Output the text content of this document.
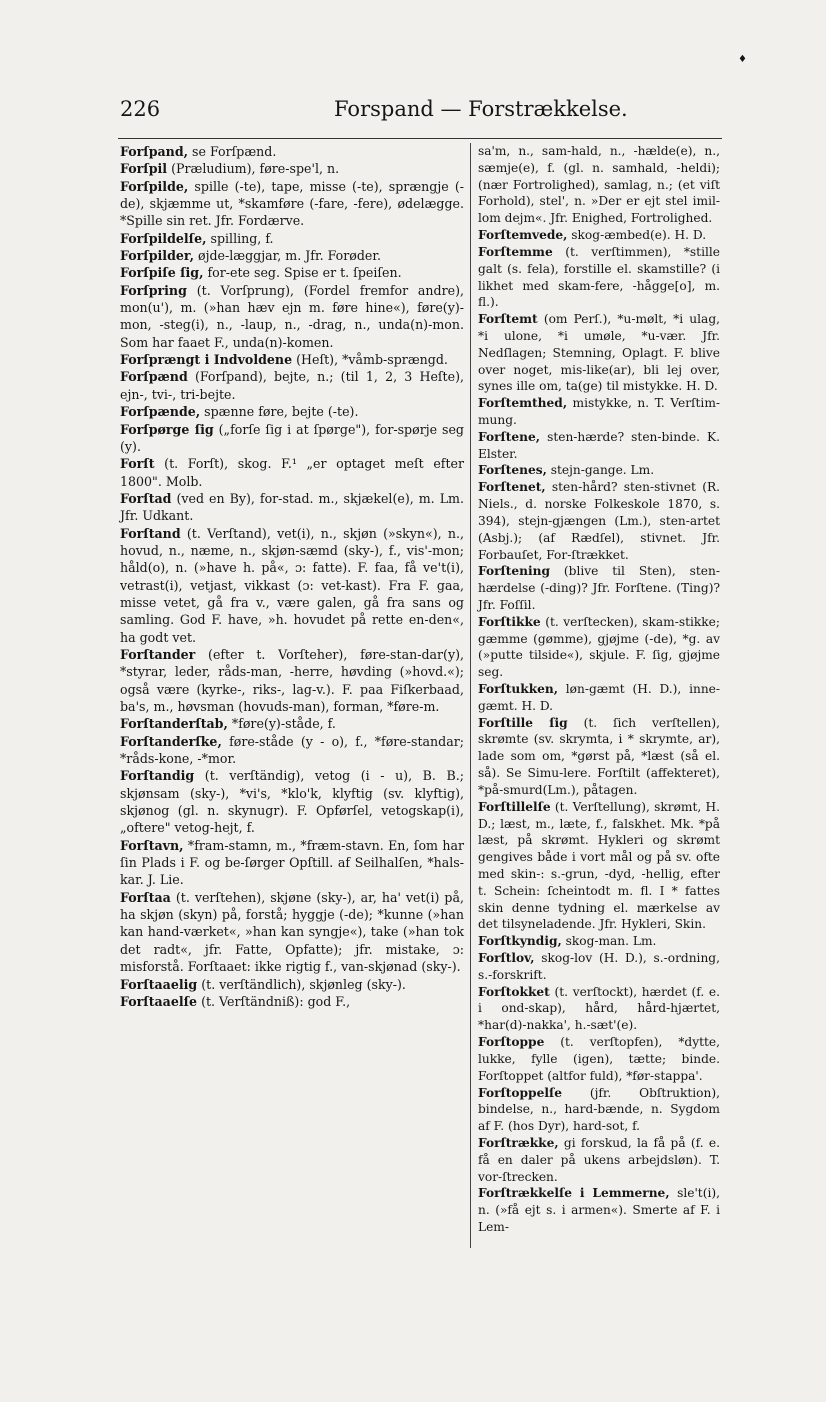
♦
226	Forspand — Forstrækkelse.

Forſpand, se Forſpænd.

Forſpil (Præludium), føre-spe'l, n.

Forſpilde, spille (-te), tape, misse (-te), sprængje (-de), skjæmme ut, *skamføre (-fare, -fere), ødelægge. *Spille sin ret. Jfr. Fordærve.

Forſpildelſe, spilling, f.

Forſpilder, øjde-læggjar, m. Jfr. Forøder.

Forſpiſe ſig, for-ete seg. Spise er t. ſpeiſen.

Forſpring (t. Vorſprung), (Fordel fremfor andre), mon(u'), m. (»han hæv ejn m. føre hine«), føre(y)-mon, -steg(i), n., -laup, n., -drag, n., unda(n)-mon. Som har faaet F., unda(n)-komen.

Forſprængt i Indvoldene (Heſt), *våmb-sprængd.

Forſpænd (Forſpand), bejte, n.; (til 1, 2, 3 Heſte), ejn-, tvi-, tri-bejte.

Forſpænde, spænne føre, bejte (-te).

Forſpørge ſig („forſe ſig i at ſpørge"), for-spørje seg (y).

Forſt (t. Forſt), skog. F.¹ „er optaget meſt efter 1800". Molb.

Forſtad (ved en By), for-stad. m., skjækel(e), m. Lm. Jfr. Udkant.

Forſtand (t. Verſtand), vet(i), n., skjøn (»skyn«), n., hovud, n., næme, n., skjøn-sæmd (sky-), f., vis'-mon; håld(o), n. (»have h. på«, ɔ: fatte). F. faa, få ve't(i), vetrast(i), vetjast, vikkast (ɔ: vet-kast). Fra F. gaa, misse vetet, gå fra v., være galen, gå fra sans og samling. God F. have, »h. hovudet på rette en-den«, ha godt vet.

Forſtander (efter t. Vorſteher), føre-stan-dar(y), *styrar, leder, råds-man, -herre, høvding (»hovd.«); også være (kyrke-, riks-, lag-v.). F. paa Fiſkerbaad, ba's, m., høvsman (hovuds-man), forman, *føre-m.

Forſtanderſtab, *føre(y)-ståde, f.

Forſtanderſke, føre-ståde (y - o), f., *føre-standar; *råds-kone, -*mor.

Forſtandig (t. verſtändig), vetog (i - u), B. B.; skjønsam (sky-), *vi's, *klo'k, klyftig (sv. klyftig), skjønog (gl. n. skynugr). F. Opførſel, vetogskap(i), „oftere" vetog-hejt, f.

Forſtavn, *fram-stamn, m., *fræm-stavn. En, ſom har ſin Plads i F. og be-ſørger Opſtill. af Seilhalſen, *hals-kar. J. Lie.

Forſtaa (t. verſtehen), skjøne (sky-), ar, ha' vet(i) på, ha skjøn (skyn) på, forstå; hyggje (-de); *kunne (»han kan hand-værket«, »han kan syngje«), take (»han tok det radt«, jfr. Fatte, Opfatte); jfr. mistake, ɔ: misforstå. Forſtaaet: ikke rigtig f., van-skjønad (sky-).

Forſtaaelig (t. verſtändlich), skjønleg (sky-).

Forſtaaelſe (t. Verſtändniß): god F.,

sa'm, n., sam-hald, n., -hælde(e), n., sæmje(e), f. (gl. n. samhald, -heldi); (nær Fortrolighed), samlag, n.; (et viſt Forhold), stel', n. »Der er ejt stel imil-lom dejm«. Jfr. Enighed, Fortrolighed.

Forſtemvede, skog-æmbed(e). H. D.

Forſtemme (t. verſtimmen), *stille galt (s. fela), forstille el. skamstille? (i likhet med skam-fere, -hågge[o], m. fl.).

Forſtemt (om Perſ.), *u-mølt, *i ulag, *i ulone, *i umøle, *u-vær. Jfr. Nedſlagen; Stemning, Oplagt. F. blive over noget, mis-like(ar), bli lej over, synes ille om, ta(ge) til mistykke. H. D.

Forſtemthed, mistykke, n. T. Verſtim-mung.

Forſtene, sten-hærde? sten-binde. K. Elster.

Forſtenes, stejn-gange. Lm.

Forſtenet, sten-hård? sten-stivnet (R. Niels., d. norske Folkeskole 1870, s. 394), stejn-gjængen (Lm.), sten-artet (Asbj.); (af Rædſel), stivnet. Jfr. Forbauſet, For-ſtrækket.

Forſtening (blive til Sten), sten-hærdelse (-ding)? Jfr. Forſtene. (Ting)? Jfr. Foſſil.

Forſtikke (t. verſtecken), skam-stikke; gæmme (gømme), gjøjme (-de), *g. av (»putte tilside«), skjule. F. ſig, gjøjme seg.

Forſtukken, løn-gæmt (H. D.), inne-gæmt. H. D.

Forſtille ſig (t. ſich verſtellen), skrømte (sv. skrymta, i * skrymte, ar), lade som om, *gørst på, *læst (så el. så). Se Simu-lere. Forſtilt (affekteret), *på-smurd(Lm.), påtagen.

Forſtillelſe (t. Verſtellung), skrømt, H. D.; læst, m., læte, f., falskhet. Mk. *på læst, på skrømt. Hykleri og skrømt gengives både i vort mål og på sv. ofte med skin-: s.-grun, -dyd, -hellig, efter t. Schein: ſcheintodt m. fl. I * fattes skin denne tydning el. mærkelse av det tilsyneladende. Jfr. Hykleri, Skin.

Forſtkyndig, skog-man. Lm.

Forſtlov, skog-lov (H. D.), s.-ordning, s.-forskrift.

Forſtokket (t. verſtockt), hærdet (f. e. i ond-skap), hård, hård-hjærtet, *har(d)-nakka', h.-sæt'(e).

Forſtoppe (t. verſtopfen), *dytte, lukke, fylle (igen), tætte; binde. Forſtoppet (altfor fuld), *før-stappa'.

Forſtoppelſe (jfr. Obſtruktion), bindelse, n., hard-bænde, n. Sygdom af F. (hos Dyr), hard-sot, f.

Forſtrække, gi forskud, la få på (f. e. få en daler på ukens arbejdsløn). T. vor-ſtrecken.

Forſtrækkelſe i Lemmerne, sle't(i), n. (»få ejt s. i armen«). Smerte af F. i Lem-
